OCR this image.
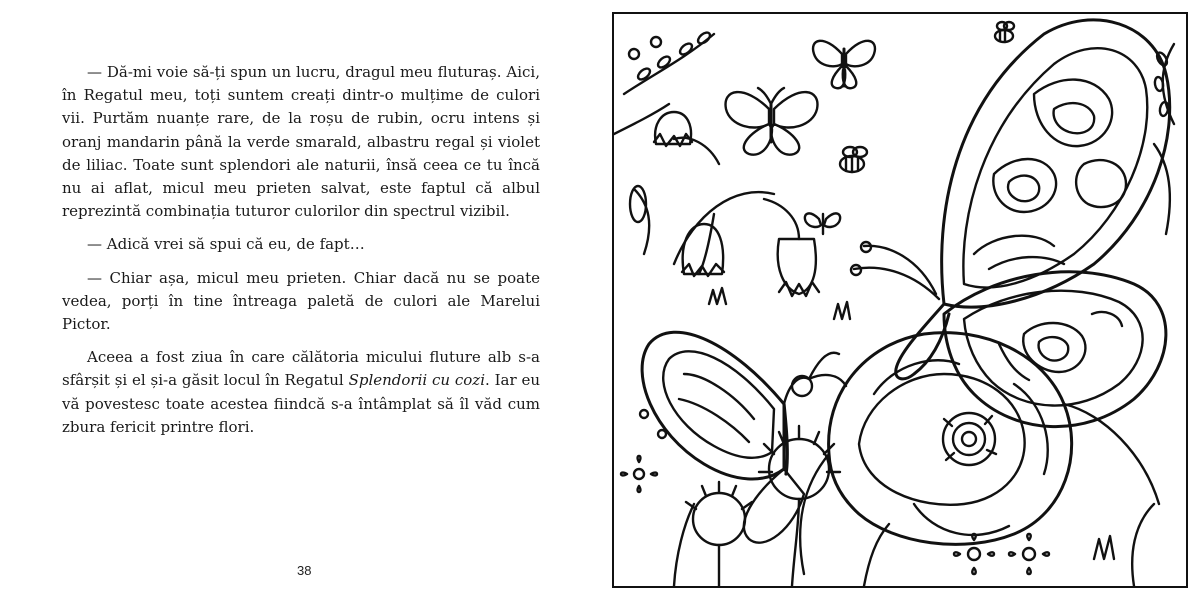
— Dă-mi voie să-ți spun un lucru, dragul meu fluturaș. Aici, în Regatul meu, toți suntem creați dintr-o mulțime de culori vii. Purtăm nuanțe rare, de la roșu de rubin, ocru intens și oranj mandarin până la verde smarald, albastru regal și violet de liliac. Toate sunt splendori ale naturii, însă ceea ce tu încă nu ai aflat, micul meu prieten salvat, este faptul că albul reprezintă combinația tuturor culorilor din spectrul vizibil.

— Adică vrei să spui că eu, de fapt…

— Chiar așa, micul meu prieten. Chiar dacă nu se poate vedea, porți în tine întreaga paletă de culori ale Marelui Pictor.

Aceea a fost ziua în care călătoria micului fluture alb s-a sfârșit și el și-a găsit locul în Regatul Splendorii cu cozi. Iar eu vă povestesc toate acestea fiindcă s-a întâmplat să îl văd cum zbura fericit printre flori.

38
